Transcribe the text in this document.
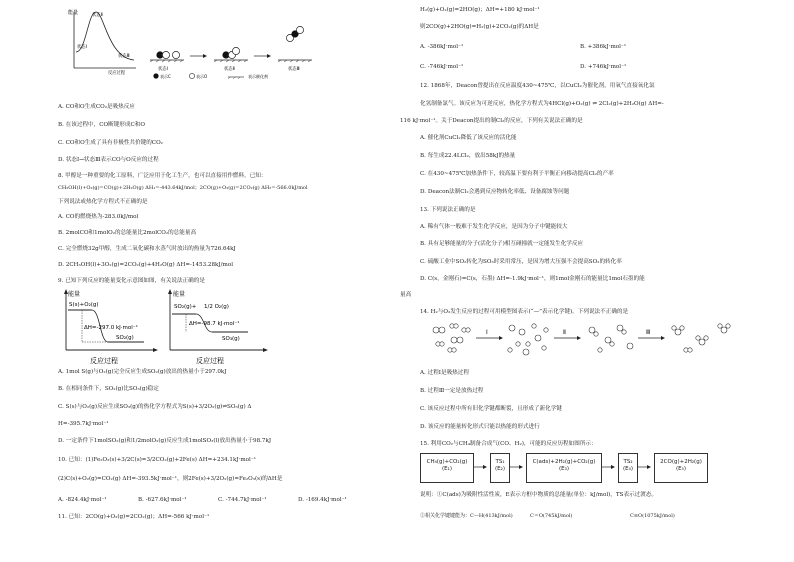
能量	状态Ⅱ
状态Ⅰ
状态Ⅲ
反应过程
状态Ⅰ	状态Ⅱ	状态Ⅲ
表示C	表示O	表示催化剂
A. CO和O生成CO₂是吸热反应
B. 在该过程中，CO断键形成C和O
C. CO和O生成了具有非极性共价键的CO₂
D. 状态Ⅰ→状态Ⅲ表示CO与O反应的过程
8. 甲醇是一种重要的化工原料，广泛应用于化工生产，也可以直接用作燃料。已知：
CH₃OH(l)+O₂(g)=CO(g)+2H₂O(g) ΔH₁=-443.64kJ/mol；2CO(g)+O₂(g)=2CO₂(g) ΔH₂=-566.0kJ/mol
下列说法或热化学方程式不正确的是
A. CO的燃烧热为-283.0kJ/mol
B. 2molCO和1molO₂的总能量比2molCO₂的总能量高
C. 完全燃烧32g甲醇，生成二氧化碳和水蒸气时放出的热量为726.64kJ
D. 2CH₃OH(l)+3O₂(g)=2CO₂(g)+4H₂O(g) ΔH=-1453.28kJ/mol
9. 已知下列反应的能量变化示意图如图，有关说法正确的是
能量
S(s)+O₂(g)
ΔH=-297.0 kJ·mol⁻¹
SO₂(g)
反应过程
能量
SO₂(g)+ 1/2 O₂(g)
ΔH=-98.7 kJ·mol⁻¹
SO₃(g)
反应过程
A. 1mol S(g)与O₂(g)完全反应生成SO₂(g)放出的热量小于297.0kJ
B. 在相同条件下，SO₂(g)比SO₃(g)稳定
C. S(s)与O₂(g)反应生成SO₃(g)的热化学方程式为S(s)+3/2O₂(g)⇌SO₃(g) Δ
H=-395.7kJ·mol⁻¹
D. 一定条件下1molSO₂(g)和1/2molO₂(g)反应生成1molSO₃(l)放出热量小于98.7kJ
10. 已知：(1)Fe₂O₃(s)+3/2C(s)=3/2CO₂(g)+2Fe(s) ΔH=+234.1kJ·mol⁻¹
(2)C(s)+O₂(g)=CO₂(g) ΔH=-393.5kJ·mol⁻¹，则2Fe(s)+3/2O₂(g)=Fe₂O₃(s)的ΔH是
A. -824.4kJ·mol⁻¹	B. -627.6kJ·mol⁻¹	C. -744.7kJ·mol⁻¹	D. -169.4kJ·mol⁻¹
11. 已知：2CO(g)+O₂(g)=2CO₂(g)；ΔH=-566 kJ·mol⁻¹
H₂(g)+O₂(g)=2HO(g)；ΔH=+180 kJ·mol⁻¹
则2CO(g)+2HO(g)=H₂(g)+2CO₂(g)的ΔH是
A. -386kJ·mol⁻¹	B. +386kJ·mol⁻¹
C. -746kJ·mol⁻¹	D. +746kJ·mol⁻¹
12. 1868年，Deacon曾提出在反应温度430~475℃，以CuCl₂为催化剂，用氧气直接氧化氯
化氢制备氯气。该反应为可逆反应，热化学方程式为4HCl(g)+O₂(g) ⇌ 2Cl₂(g)+2H₂O(g) ΔH=-
116 kJ·mol⁻¹。关于Deacon提出的制Cl₂的反应，下列有关说法正确的是
A. 催化剂CuCl₂降低了该反应的活化能
B. 每生成22.4LCl₂，放出58kJ的热量
C. 在430~475℃加热条件下，较高温下要有利于平衡正向移动提高Cl₂的产率
D. Deacon法制Cl₂会遇到反应物转化率低、设备腐蚀等问题
13. 下列说法正确的是
A. 稀有气体一般难于发生化学反应，是因为分子中键能较大
B. 具有足够能量的分子(活化分子)相互碰撞就一定能发生化学反应
C. 硫酸工业中SO₂转化为SO₃时采用常压，是因为增大压强不会提高SO₂的转化率
D. C(s，金刚石)=C(s，石墨) ΔH=-1.9kJ·mol⁻¹，则1mol金刚石的能量比1mol石墨的能
量高
14. H₂与O₂发生反应的过程可用模型图表示(“—”表示化学键)。下列说法不正确的是
Ⅰ	Ⅱ	Ⅲ
A. 过程Ⅰ是吸热过程
B. 过程Ⅲ一定是放热过程
C. 该反应过程中所有旧化学键都断裂，且形成了新化学键
D. 该反应的能量转化形式只能以热能的形式进行
15. 利用CO₂与CH₄制备合成气(CO、H₂)，可能的反应历程如图所示：
CH₄(g)+CO₂(g)
(E₁)
TS₁
(E₂)
C(ads)+2H₂(g)+CO₂(g)
(E₃)
TS₂
(E₄)
2CO(g)+2H₂(g)
(E₅)
说明：①C(ads)为吸附性活性炭，E表示方框中物质的总能量(单位：kJ/mol)，TS表示过渡态。
②相关化学键键能为：C—H(413kJ/mol)	C＝O(745kJ/mol)	C≡O(1075kJ/mol)
